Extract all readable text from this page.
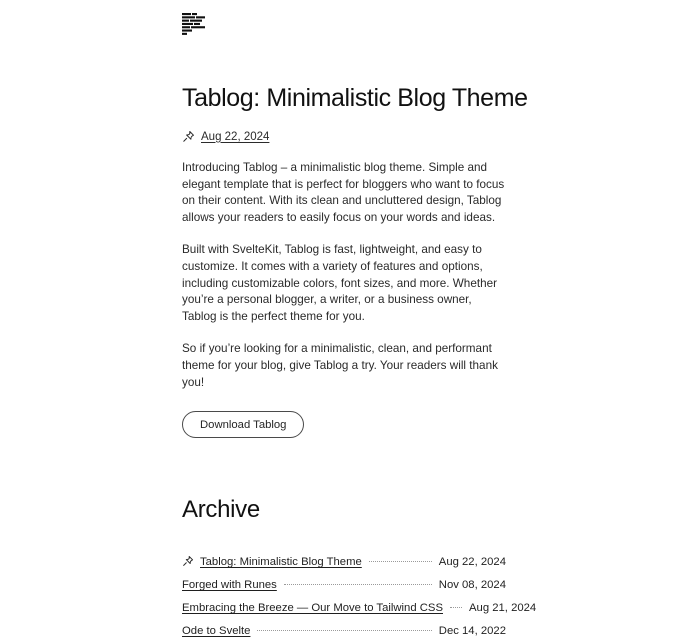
Tablog: Minimalistic Blog Theme
Aug 22, 2024

Introducing Tablog – a minimalistic blog theme. Simple and elegant template that is perfect for bloggers who want to focus on their content. With its clean and uncluttered design, Tablog allows your readers to easily focus on your words and ideas.

Built with SvelteKit, Tablog is fast, lightweight, and easy to customize. It comes with a variety of features and options, including customizable colors, font sizes, and more. Whether you’re a personal blogger, a writer, or a business owner, Tablog is the perfect theme for you.

So if you’re looking for a minimalistic, clean, and performant theme for your blog, give Tablog a try. Your readers will thank you!

Download Tablog
Archive
Tablog: Minimalistic Blog Theme	Aug 22, 2024
Forged with Runes	Nov 08, 2024
Embracing the Breeze — Our Move to Tailwind CSS Aug 21, 2024
Ode to Svelte	Dec 14, 2022
